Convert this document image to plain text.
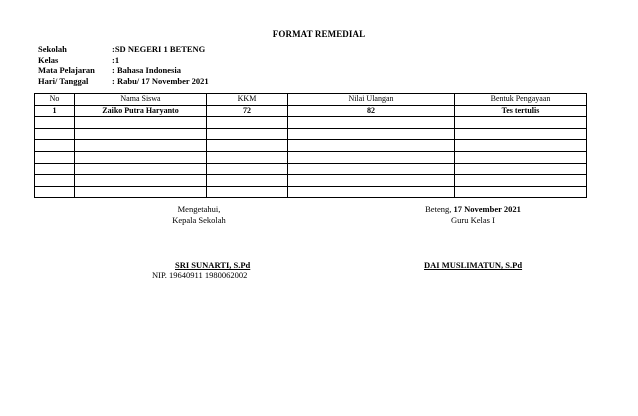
FORMAT REMEDIAL
Sekolah	:SD NEGERI 1 BETENG
Kelas	:1
Mata Pelajaran	: Bahasa Indonesia
Hari/ Tanggal	: Rabu/ 17 November 2021
No	Nama Siswa	KKM	Nilai Ulangan	Bentuk Pengayaan
1	Zaiko Putra Haryanto	72	82	Tes tertulis

Mengetahui,
Kepala Sekolah
SRI SUNARTI, S.Pd
NIP. 19640911 1980062002
Beteng, 17 November 2021
Guru Kelas I
DAI MUSLIMATUN, S.Pd
